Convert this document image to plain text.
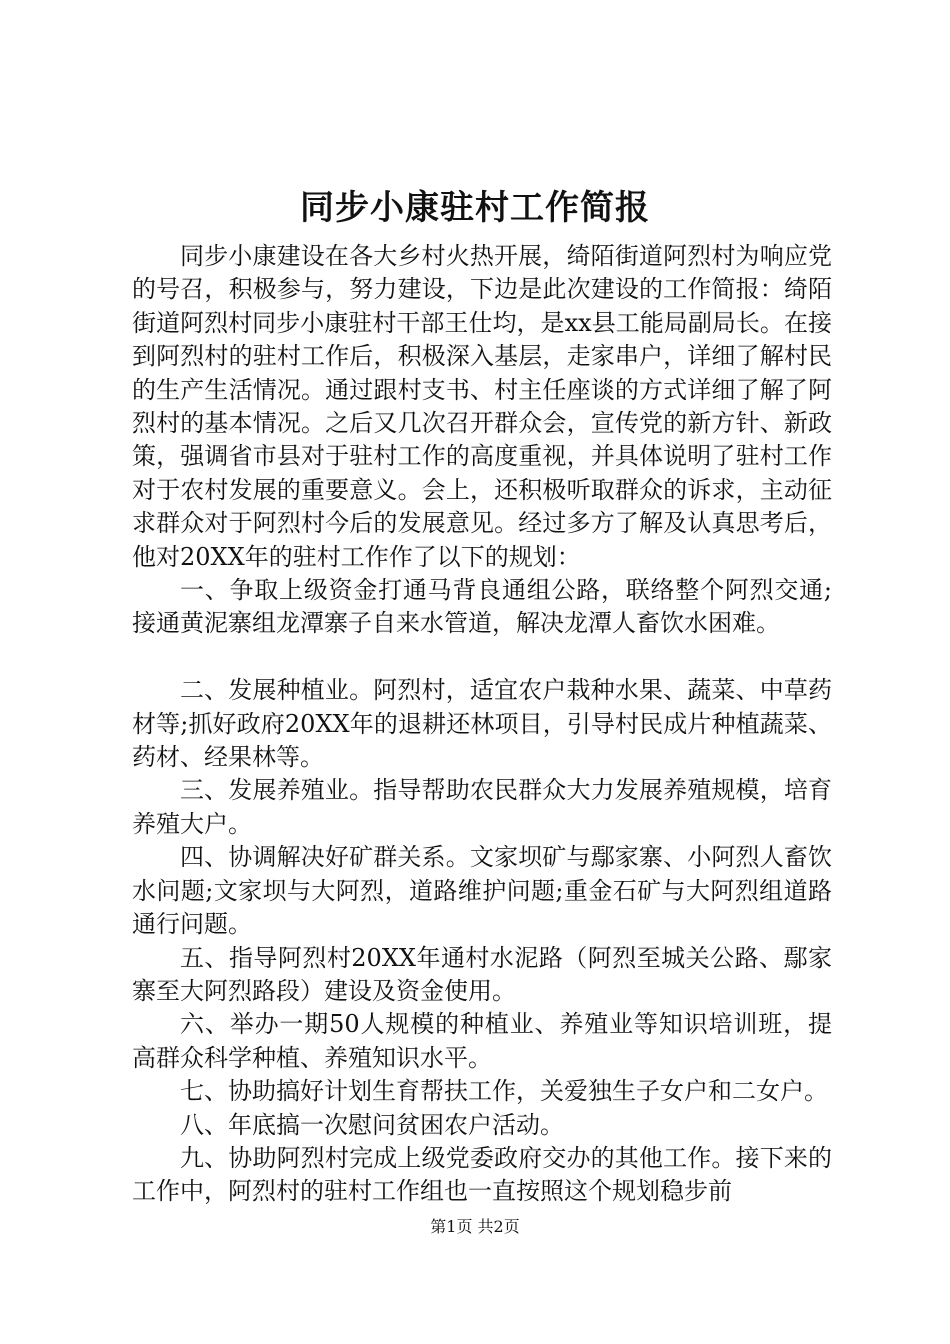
同步小康驻村工作简报

同步小康建设在各大乡村火热开展，绮陌街道阿烈村为响应党的号召，积极参与，努力建设，下边是此次建设的工作简报：绮陌街道阿烈村同步小康驻村干部王仕均，是xx县工能局副局长。在接到阿烈村的驻村工作后，积极深入基层，走家串户，详细了解村民的生产生活情况。通过跟村支书、村主任座谈的方式详细了解了阿烈村的基本情况。之后又几次召开群众会，宣传党的新方针、新政策，强调省市县对于驻村工作的高度重视，并具体说明了驻村工作对于农村发展的重要意义。会上，还积极听取群众的诉求，主动征求群众对于阿烈村今后的发展意见。经过多方了解及认真思考后，他对20XX年的驻村工作作了以下的规划：

一、争取上级资金打通马背良通组公路，联络整个阿烈交通;接通黄泥寨组龙潭寨子自来水管道，解决龙潭人畜饮水困难。

二、发展种植业。阿烈村，适宜农户栽种水果、蔬菜、中草药材等;抓好政府20XX年的退耕还林项目，引导村民成片种植蔬菜、药材、经果林等。

三、发展养殖业。指导帮助农民群众大力发展养殖规模，培育养殖大户。

四、协调解决好矿群关系。文家坝矿与鄢家寨、小阿烈人畜饮水问题;文家坝与大阿烈，道路维护问题;重金石矿与大阿烈组道路通行问题。

五、指导阿烈村20XX年通村水泥路（阿烈至城关公路、鄢家寨至大阿烈路段）建设及资金使用。

六、举办一期50人规模的种植业、养殖业等知识培训班，提高群众科学种植、养殖知识水平。

七、协助搞好计划生育帮扶工作，关爱独生子女户和二女户。

八、年底搞一次慰问贫困农户活动。

九、协助阿烈村完成上级党委政府交办的其他工作。接下来的工作中，阿烈村的驻村工作组也一直按照这个规划稳步前

第1页 共2页
